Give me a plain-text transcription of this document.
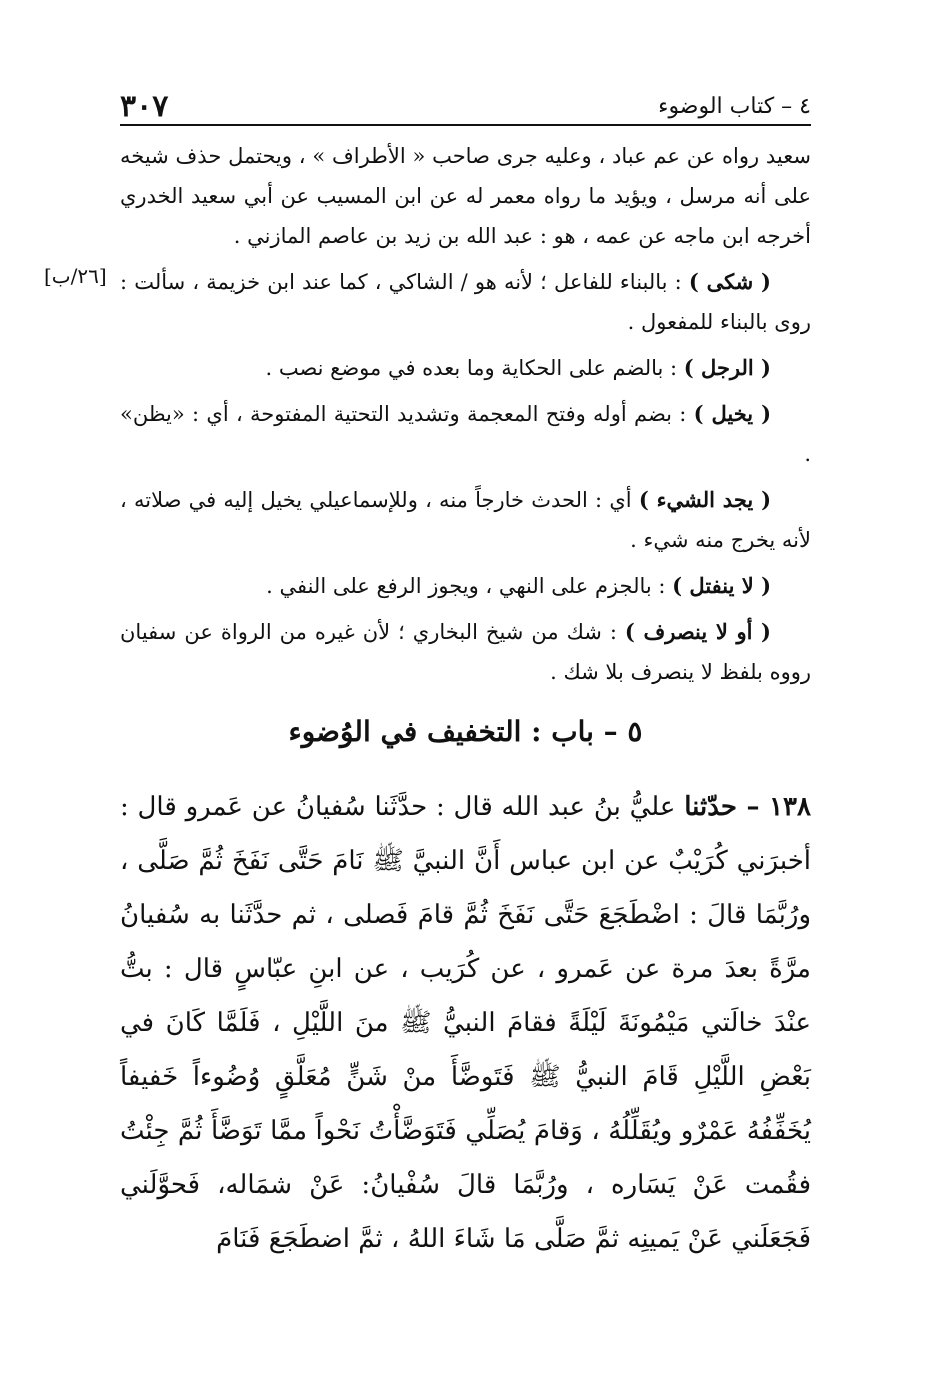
٤ – كتاب الوضوء
٣٠٧

سعيد رواه عن عم عباد ، وعليه جرى صاحب « الأطراف » ، ويحتمل حذف شيخه على أنه مرسل ، ويؤيد ما رواه معمر له عن ابن المسيب عن أبي سعيد الخدري أخرجه ابن ماجه عن عمه ، هو : عبد الله بن زيد بن عاصم المازني .

[٢٦/ب]	( شكى ) : بالبناء للفاعل ؛ لأنه هو / الشاكي ، كما عند ابن خزيمة ، سألت : روى بالبناء للمفعول .

( الرجل ) : بالضم على الحكاية وما بعده في موضع نصب .

( يخيل ) : بضم أوله وفتح المعجمة وتشديد التحتية المفتوحة ، أي : «يظن» .

( يجد الشيء ) أي : الحدث خارجاً منه ، وللإسماعيلي يخيل إليه في صلاته ، لأنه يخرج منه شيء .

( لا ينفتل ) : بالجزم على النهي ، ويجوز الرفع على النفي .

( أو لا ينصرف ) : شك من شيخ البخاري ؛ لأن غيره من الرواة عن سفيان رووه بلفظ لا ينصرف بلا شك .

٥ – باب : التخفيف في الوُضوء

١٣٨ – حدّثنا عليُّ بنُ عبد الله قال : حدَّثَنا سُفيانُ عن عَمرو قال : أخبرَني كُرَيْبٌ عن ابن عباس أَنَّ النبيَّ ﷺ نَامَ حَتَّى نَفَخَ ثُمَّ صَلَّى ، ورُبَّمَا قالَ : اضْطَجَعَ حَتَّى نَفَخَ ثُمَّ قامَ فَصلى ، ثم حدَّثَنا به سُفيانُ مرَّةً بعدَ مرة عن عَمرو ، عن كُرَيب ، عن ابنِ عبّاسٍ قال : بتُّ عنْدَ خالَتي مَيْمُونَةَ لَيْلَةً فقامَ النبيُّ ﷺ منَ اللَّيْلِ ، فَلَمَّا كَانَ في بَعْضِ اللَّيْلِ قَامَ النبيُّ ﷺ فَتَوضَّأَ منْ شَنٍّ مُعَلَّقٍ وُضُوءاً خَفيفاً يُخَفِّفُهُ عَمْرٌو ويُقَلِّلُهُ ، وَقامَ يُصَلِّي فَتَوَضَّأْتُ نَحْواً ممَّا تَوَضَّأَ ثُمَّ جِئْتُ فقُمت عَنْ يَسَاره ، ورُبَّمَا قالَ سُفْيانُ: عَنْ شمَاله، فَحوَّلَني فَجَعَلَني عَنْ يَمينِه ثمَّ صَلَّى مَا شَاءَ اللهُ ، ثمَّ اضطَجَعَ فَنَامَ
